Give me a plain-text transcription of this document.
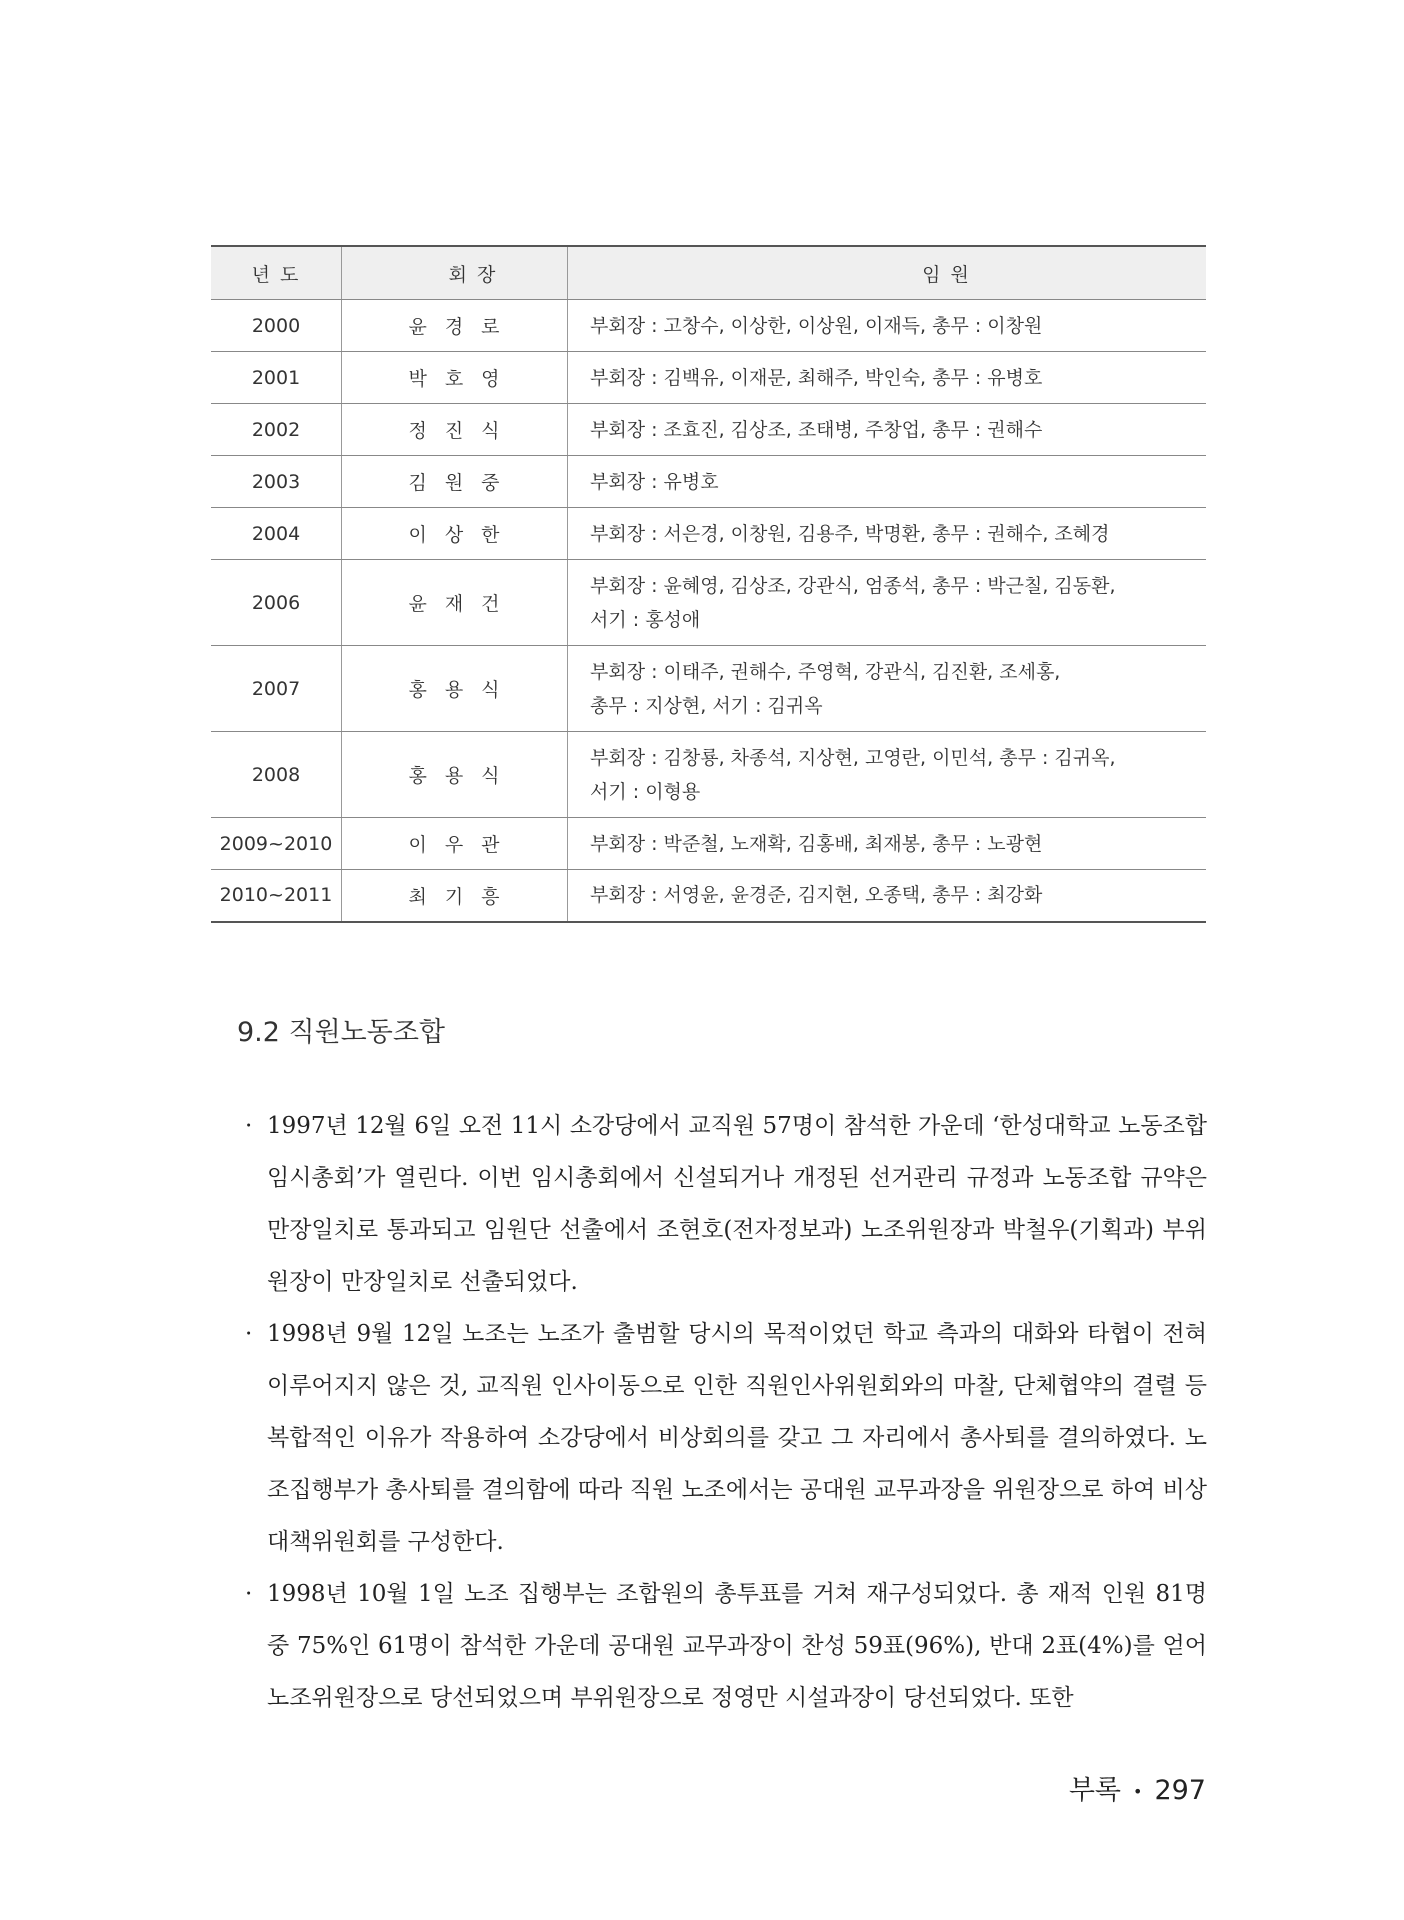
년 도	회 장	임 원
2000	윤경로	부회장 : 고창수, 이상한, 이상원, 이재득, 총무 : 이창원

2001	박호영	부회장 : 김백유, 이재문, 최해주, 박인숙, 총무 : 유병호

2002	정진식	부회장 : 조효진, 김상조, 조태병, 주창업, 총무 : 권해수

2003	김원중	부회장 : 유병호

2004	이상한	부회장 : 서은경, 이창원, 김용주, 박명환, 총무 : 권해수, 조혜경

2006	윤재건	부회장 : 윤혜영, 김상조, 강관식, 엄종석, 총무 : 박근칠, 김동환,
서기 : 홍성애

2007	홍용식	부회장 : 이태주, 권해수, 주영혁, 강관식, 김진환, 조세홍,
총무 : 지상현, 서기 : 김귀옥

2008	홍용식	부회장 : 김창룡, 차종석, 지상현, 고영란, 이민석, 총무 : 김귀옥,
서기 : 이형용

2009~2010	이우관	부회장 : 박준철, 노재확, 김홍배, 최재봉, 총무 : 노광현

2010~2011	최기흥	부회장 : 서영윤, 윤경준, 김지현, 오종택, 총무 : 최강화
9.2 직원노동조합

· 1997년 12월 6일 오전 11시 소강당에서 교직원 57명이 참석한 가운데 ‘한성대학교 노동조합 임시총회’가 열린다. 이번 임시총회에서 신설되거나 개정된 선거관리 규정과 노동조합 규약은 만장일치로 통과되고 임원단 선출에서 조현호(전자정보과) 노조위원장과 박철우(기획과) 부위원장이 만장일치로 선출되었다.

· 1998년 9월 12일 노조는 노조가 출범할 당시의 목적이었던 학교 측과의 대화와 타협이 전혀 이루어지지 않은 것, 교직원 인사이동으로 인한 직원인사위원회와의 마찰, 단체협약의 결렬 등 복합적인 이유가 작용하여 소강당에서 비상회의를 갖고 그 자리에서 총사퇴를 결의하였다. 노조집행부가 총사퇴를 결의함에 따라 직원 노조에서는 공대원 교무과장을 위원장으로 하여 비상대책위원회를 구성한다.

· 1998년 10월 1일 노조 집행부는 조합원의 총투표를 거쳐 재구성되었다. 총 재적 인원 81명 중 75%인 61명이 참석한 가운데 공대원 교무과장이 찬성 59표(96%), 반대 2표(4%)를 얻어 노조위원장으로 당선되었으며 부위원장으로 정영만 시설과장이 당선되었다. 또한

부록 • 297
